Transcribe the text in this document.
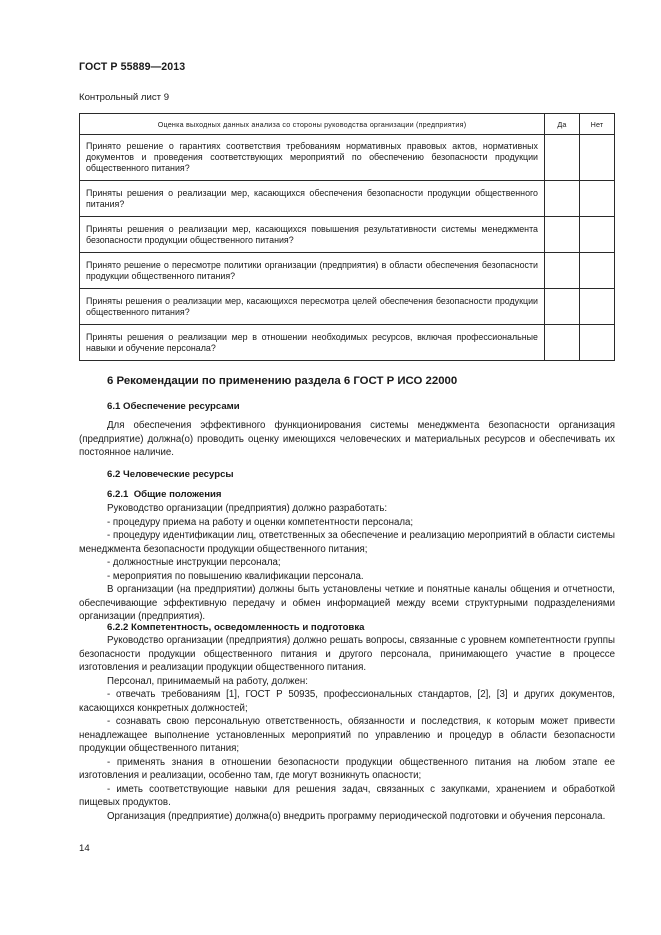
ГОСТ Р 55889—2013
Контрольный лист 9
Оценка выходных данных анализа со стороны руководства организации (предприятия)	Да	Нет
Принято решение о гарантиях соответствия требованиям нормативных правовых актов, нормативных документов и проведения соответствующих мероприятий по обеспечению безопасности продукции общественного питания?		
Приняты решения о реализации мер, касающихся обеспечения безопасности продукции общественного питания?		
Приняты решения о реализации мер, касающихся повышения результативности системы менеджмента безопасности продукции общественного питания?		
Принято решение о пересмотре политики организации (предприятия) в области обеспечения безопасности продукции общественного питания?		
Приняты решения о реализации мер, касающихся пересмотра целей обеспечения безопасности продукции общественного питания?		
Приняты решения о реализации мер в отношении необходимых ресурсов, включая профессиональные навыки и обучение персонала?		
6 Рекомендации по применению раздела 6 ГОСТ Р ИСО 22000
6.1 Обеспечение ресурсами

Для обеспечения эффективного функционирования системы менеджмента безопасности организация (предприятие) должна(о) проводить оценку имеющихся человеческих и материальных ресурсов и обеспечивать их постоянное наличие.

6.2 Человеческие ресурсы
6.2.1 Общие положения

Руководство организации (предприятия) должно разработать:

- процедуру приема на работу и оценки компетентности персонала;

- процедуру идентификации лиц, ответственных за обеспечение и реализацию мероприятий в области системы менеджмента безопасности продукции общественного питания;

- должностные инструкции персонала;

- мероприятия по повышению квалификации персонала.

В организации (на предприятии) должны быть установлены четкие и понятные каналы общения и отчетности, обеспечивающие эффективную передачу и обмен информацией между всеми структурными подразделениями организации (предприятия).

6.2.2 Компетентность, осведомленность и подготовка

Руководство организации (предприятия) должно решать вопросы, связанные с уровнем компетентности группы безопасности продукции общественного питания и другого персонала, принимающего участие в процессе изготовления и реализации продукции общественного питания.

Персонал, принимаемый на работу, должен:

- отвечать требованиям [1], ГОСТ Р 50935, профессиональных стандартов, [2], [3] и других документов, касающихся конкретных должностей;

- сознавать свою персональную ответственность, обязанности и последствия, к которым может привести ненадлежащее выполнение установленных мероприятий по управлению и процедур в области безопасности продукции общественного питания;

- применять знания в отношении безопасности продукции общественного питания на любом этапе ее изготовления и реализации, особенно там, где могут возникнуть опасности;

- иметь соответствующие навыки для решения задач, связанных с закупками, хранением и обработкой пищевых продуктов.

Организация (предприятие) должна(о) внедрить программу периодической подготовки и обучения персонала.

14
